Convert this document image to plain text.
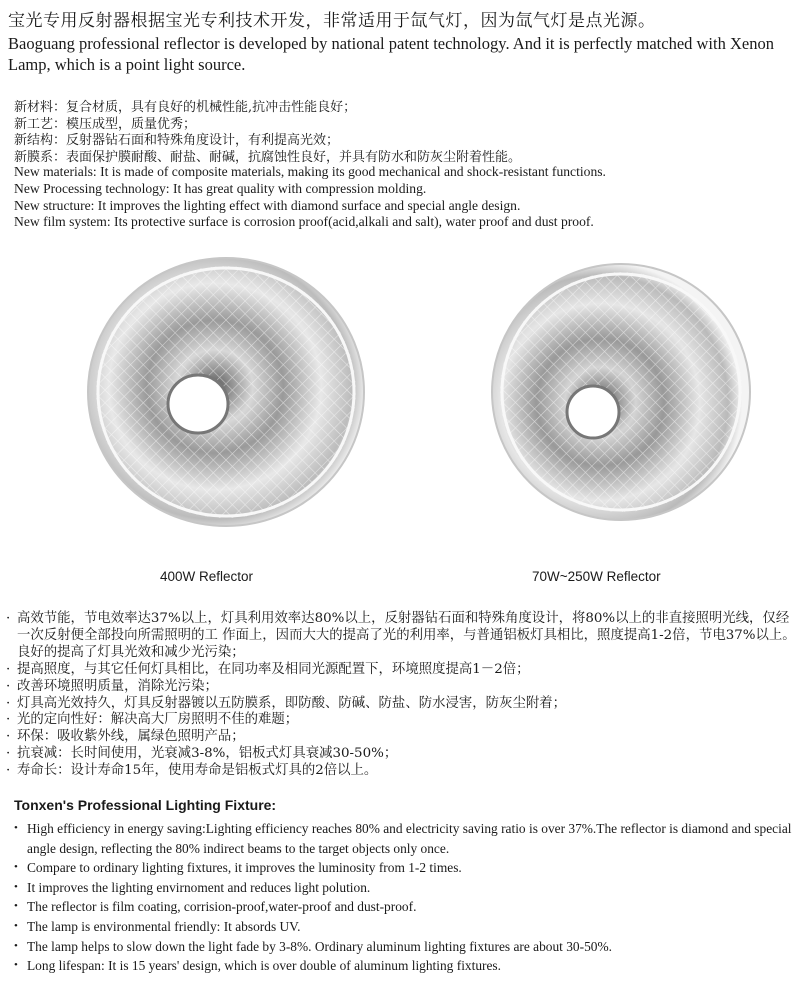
宝光专用反射器根据宝光专利技术开发，非常适用于氙气灯，因为氙气灯是点光源。
Baoguang professional reflector is developed by national patent technology. And it is perfectly matched with Xenon Lamp, which is a point light source.
新材料：复合材质，具有良好的机械性能,抗冲击性能良好；
新工艺：模压成型，质量优秀；
新结构：反射器钻石面和特殊角度设计，有利提高光效；
新膜系：表面保护膜耐酸、耐盐、耐碱，抗腐蚀性良好，并具有防水和防灰尘附着性能。
New materials: It is made of composite materials, making its good mechanical and shock-resistant functions.
New Processing technology: It has great quality with compression molding.
New structure: It improves the lighting effect with diamond surface and special angle design.
New film system: Its protective surface is corrosion proof(acid,alkali and salt), water proof and dust proof.
400W Reflector	70W~250W Reflector
· 高效节能，节电效率达37%以上，灯具利用效率达80%以上，反射器钻石面和特殊角度设计，将80%以上的非直接照明光线，仅经一次反射便全部投向所需照明的工 作面上，因而大大的提高了光的利用率，与普通铝板灯具相比，照度提高1-2倍，节电37%以上。良好的提高了灯具光效和减少光污染；
· 提高照度，与其它任何灯具相比，在同功率及相同光源配置下，环境照度提高1－2倍；
· 改善环境照明质量，消除光污染；
· 灯具高光效持久，灯具反射器镀以五防膜系，即防酸、防碱、防盐、防水浸害，防灰尘附着；
· 光的定向性好：解决高大厂房照明不佳的难题；
· 环保：吸收紫外线，属绿色照明产品；
· 抗衰减：长时间使用，光衰减3-8%，铝板式灯具衰减30-50%；
· 寿命长：设计寿命15年，使用寿命是铝板式灯具的2倍以上。
Tonxen's Professional Lighting Fixture:
• High efficiency in energy saving:Lighting efficiency reaches 80% and electricity saving ratio is over 37%.The reflector is diamond and special angle design, reflecting the 80% indirect beams to the target objects only once.
• Compare to ordinary lighting fixtures, it improves the luminosity from 1-2 times.
• It improves the lighting envirnoment and reduces light polution.
• The reflector is film coating, corrision-proof,water-proof and dust-proof.
• The lamp is environmental friendly: It absords UV.
• The lamp helps to slow down the light fade by 3-8%. Ordinary aluminum lighting fixtures are about 30-50%.
• Long lifespan: It is 15 years' design, which is over double of aluminum lighting fixtures.
